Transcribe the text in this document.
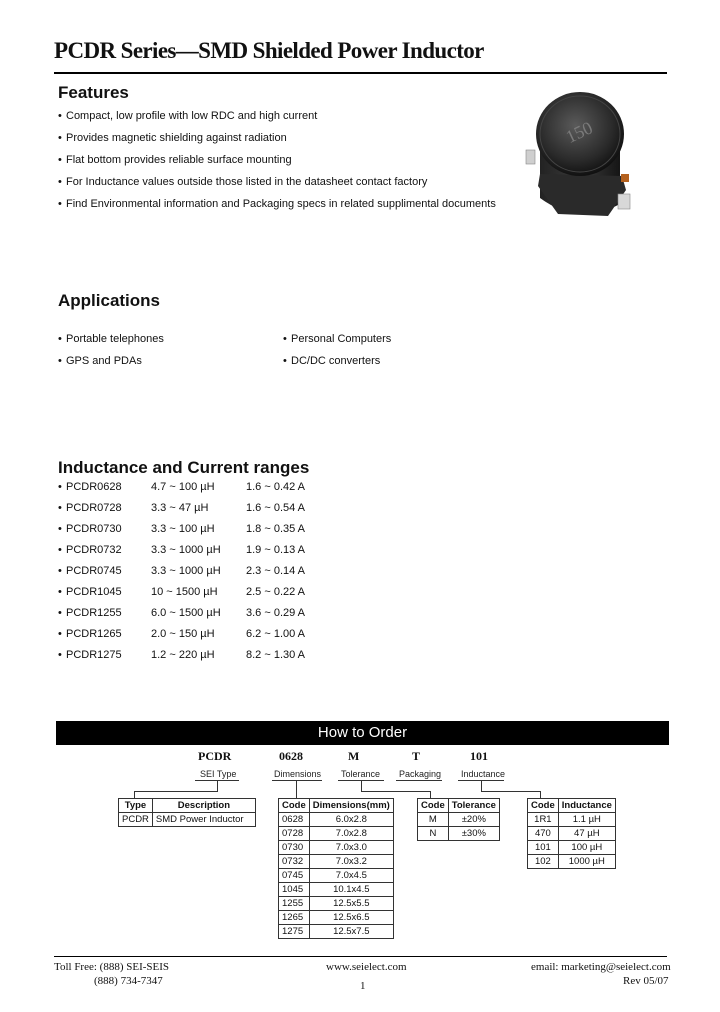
PCDR Series—SMD Shielded Power Inductor
Features
• Compact, low profile with low RDC and high current
• Provides magnetic shielding against radiation
• Flat bottom provides reliable surface mounting
• For Inductance values outside those listed in the datasheet contact factory
• Find Environmental information and Packaging specs in related supplimental documents
150
Applications
• Portable telephones
• GPS and PDAs
• Personal Computers
• DC/DC converters
Inductance and Current ranges
• PCDR0628	4.7 ~ 100 µH	1.6 ~ 0.42 A
• PCDR0728	3.3 ~ 47 µH	1.6 ~ 0.54 A
• PCDR0730	3.3 ~ 100 µH	1.8 ~ 0.35 A
• PCDR0732	3.3 ~ 1000 µH 1.9 ~ 0.13 A
• PCDR0745	3.3 ~ 1000 µH 2.3 ~ 0.14 A
• PCDR1045	10 ~ 1500 µH	2.5 ~ 0.22 A
• PCDR1255	6.0 ~ 1500 µH 3.6 ~ 0.29 A
• PCDR1265	2.0 ~ 150 µH	6.2 ~ 1.00 A
• PCDR1275	1.2 ~ 220 µH	8.2 ~ 1.30 A
How to Order
PCDR	0628	M	T	101
SEI Type	Dimensions Tolerance Packaging Inductance
Type	Description
PCDR	SMD Power Inductor
Code	Dimensions(mm)
0628	6.0x2.8
0728	7.0x2.8
0730	7.0x3.0
0732	7.0x3.2
0745	7.0x4.5
1045	10.1x4.5
1255	12.5x5.5
1265	12.5x6.5
1275	12.5x7.5
Code	Tolerance
M	±20%
N	±30%
Code	Inductance
1R1	1.1 µH
470	47 µH
101	100 µH
102	1000 µH
Toll Free: (888) SEI-SEIS
(888) 734-7347
www.seielect.com
1
email: marketing@seielect.com
Rev 05/07
